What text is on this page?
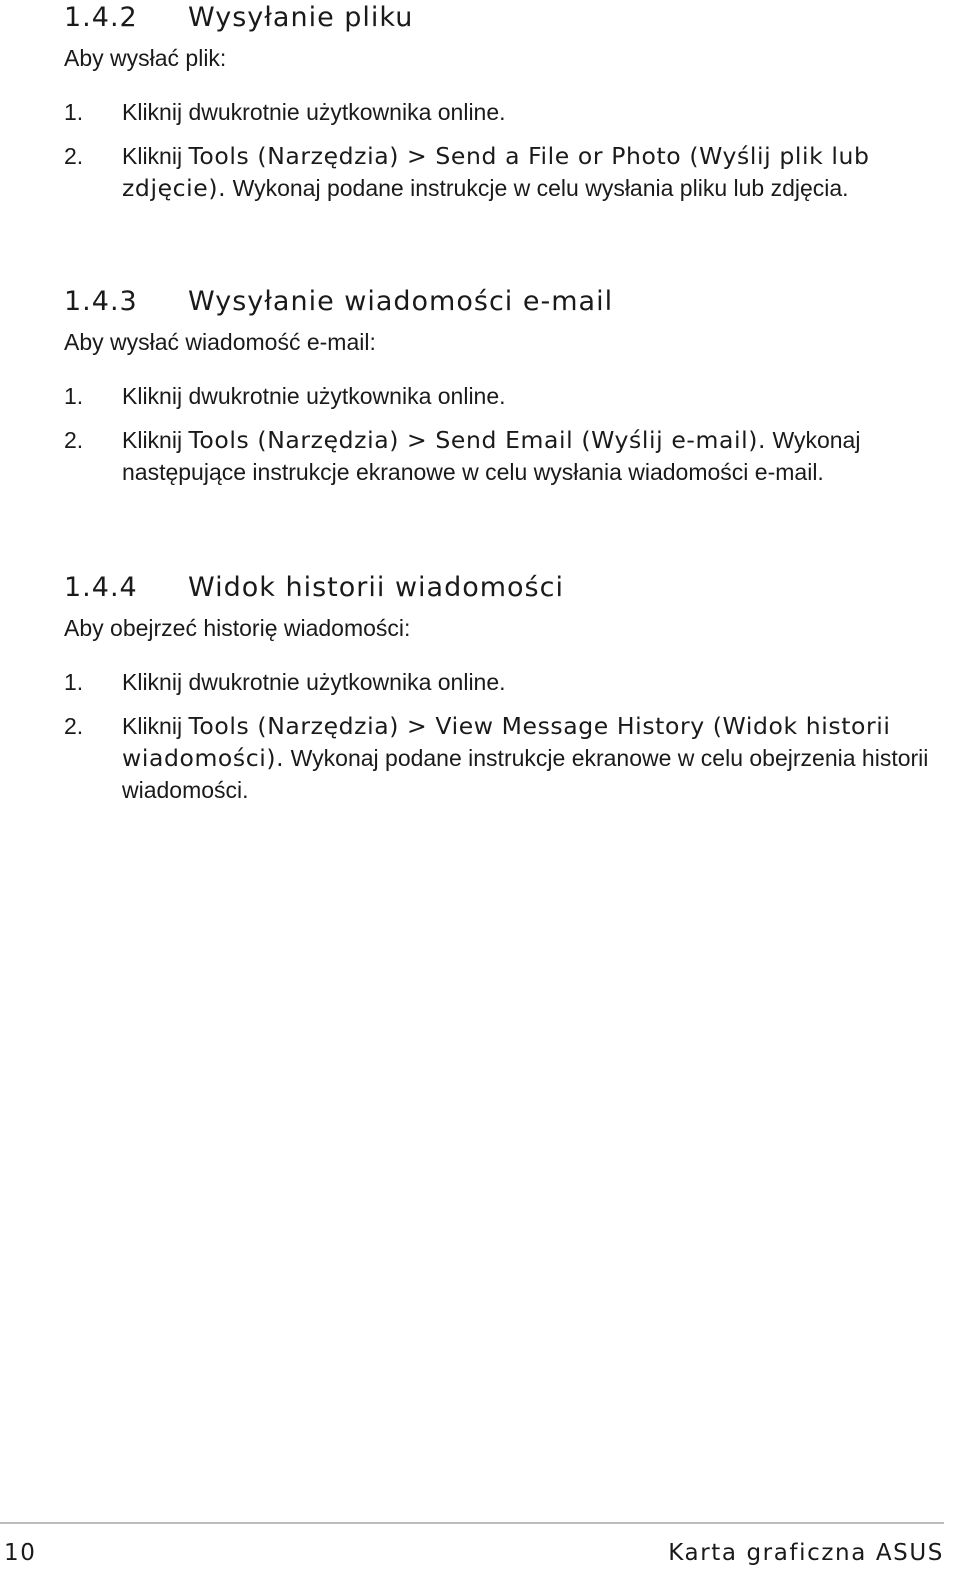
1.4.2 Wysyłanie pliku
Aby wysłać plik:
1. Kliknij dwukrotnie użytkownika online.
2. Kliknij Tools (Narzędzia) > Send a File or Photo (Wyślij plik lub zdjęcie). Wykonaj podane instrukcje w celu wysłania pliku lub zdjęcia.
1.4.3 Wysyłanie wiadomości e-mail
Aby wysłać wiadomość e-mail:
1. Kliknij dwukrotnie użytkownika online.
2. Kliknij Tools (Narzędzia) > Send Email (Wyślij e-mail). Wykonaj następujące instrukcje ekranowe w celu wysłania wiadomości e-mail.
1.4.4 Widok historii wiadomości
Aby obejrzeć historię wiadomości:
1. Kliknij dwukrotnie użytkownika online.
2. Kliknij Tools (Narzędzia) > View Message History (Widok historii wiadomości). Wykonaj podane instrukcje ekranowe w celu obejrzenia historii wiadomości.
10	Karta graficzna ASUS
